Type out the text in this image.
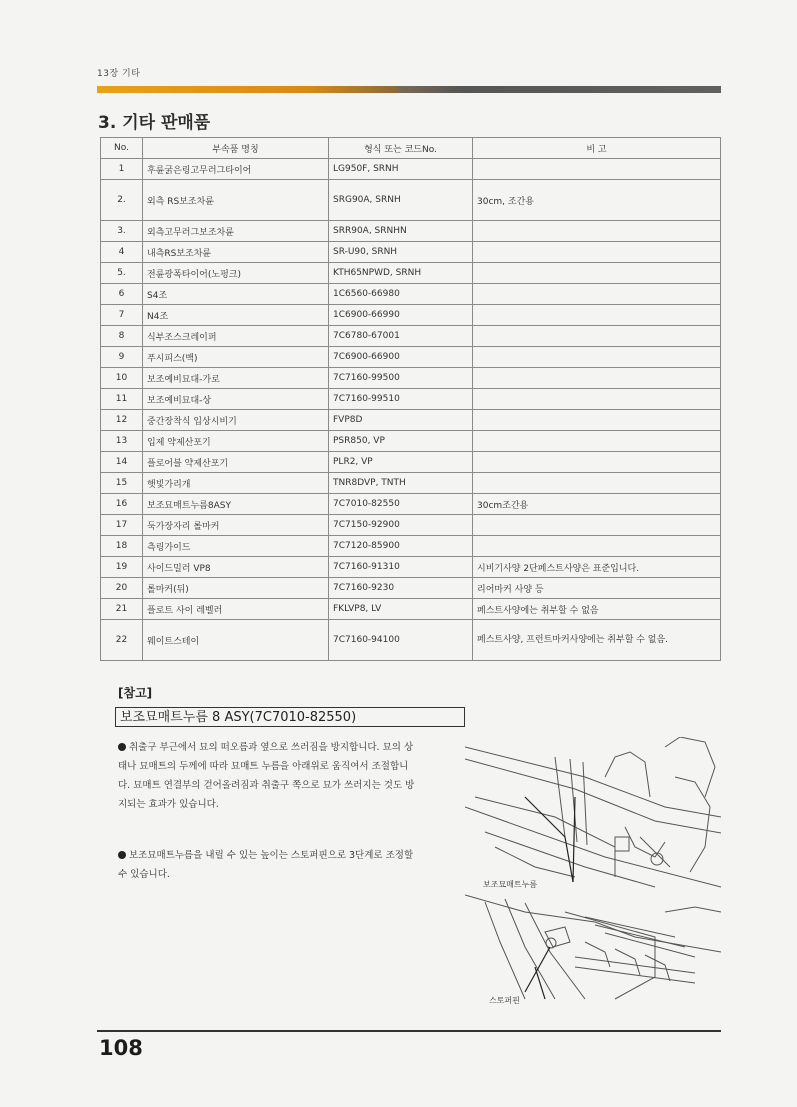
13장 기타
3. 기타 판매품
No.	부속품 명칭	형식 또는 코드No.	비 고
1	후륜굵은링고무러그타이어	LG950F, SRNH	
2.	외측 RS보조차륜	SRG90A, SRNH	30cm, 조간용
3.	외측고무러그보조차륜	SRR90A, SRNHN	
4	내측RS보조차륜	SR-U90, SRNH	
5.	전륜광폭타이어(노펑크)	KTH65NPWD, SRNH	
6	S4조	1C6560-66980	
7	N4조	1C6900-66990	
8	식부조스크레이퍼	7C6780-67001	
9	푸시피스(백)	7C6900-66900	
10	보조예비묘대-가로	7C7160-99500	
11	보조예비묘대-상	7C7160-99510	
12	중간장착식 입상시비기	FVP8D	
13	입제 약제산포기	PSR850, VP	
14	플로어블 약제산포기	PLR2, VP	
15	햇빛가리개	TNR8DVP, TNTH	
16	보조묘매트누름8ASY	7C7010-82550	30cm조간용
17	둑가장자리 롤마커	7C7150-92900	
18	측링가이드	7C7120-85900	
19	사이드밀러 VP8	7C7160-91310	시비기사양 2단페스트사양은 표준입니다.
20	롤마커(뒤)	7C7160-9230	리어마커 사양 등
21	플로트 사이 레벨러	FKLVP8, LV	페스트사양에는 취부할 수 없음
22	웨이트스테이	7C7160-94100	페스트사양, 프런트마커사양에는 취부할 수 없음.
[참고]
보조묘매트누름 8 ASY(7C7010-82550)
취출구 부근에서 묘의 떠오름과 옆으로 쓰러짐을 방지합니다. 묘의 상태나 묘매트의 두께에 따라 묘매트 누름을 아래위로 움직여서 조절합니다. 묘매트 연결부의 걷어올려짐과 취출구 쪽으로 묘가 쓰러지는 것도 방지되는 효과가 있습니다.
보조묘매트누름을 내릴 수 있는 높이는 스토퍼핀으로 3단계로 조정할 수 있습니다.
보조묘매트누름
스토퍼핀
108
